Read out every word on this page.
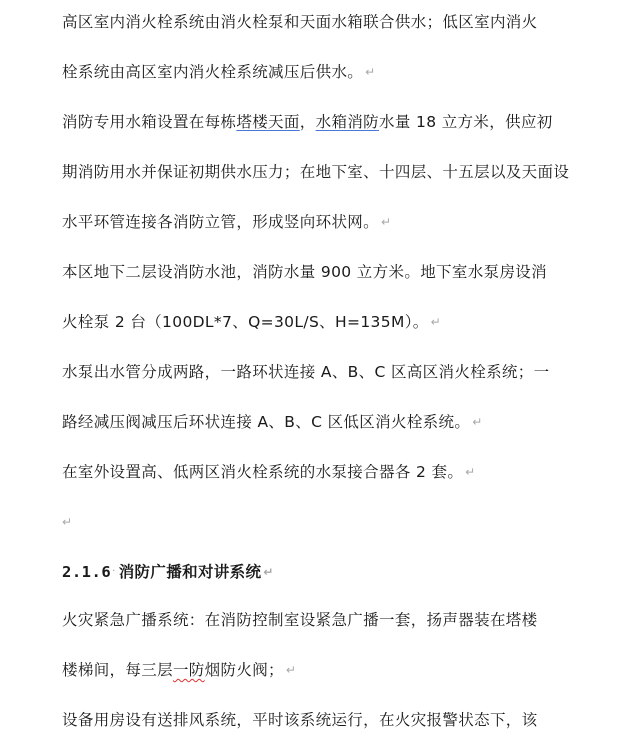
高区室内消火栓系统由消火栓泵和天面水箱联合供水；低区室内消火
栓系统由高区室内消火栓系统减压后供水。 ↵
消防专用水箱设置在每栋塔楼天面，水箱消防水量 18 立方米，供应初
期消防用水并保证初期供水压力；在地下室、十四层、十五层以及天面设
水平环管连接各消防立管，形成竖向环状网。 ↵
本区地下二层设消防水池，消防水量 900 立方米。地下室水泵房设消
火栓泵 2 台（100DL*7、Q=30L/S、H=135M）。 ↵
水泵出水管分成两路，一路环状连接 A、B、C 区高区消火栓系统；一
路经减压阀减压后环状连接 A、B、C 区低区消火栓系统。 ↵
在室外设置高、低两区消火栓系统的水泵接合器各 2 套。 ↵
↵
2.1.6· 消防广播和对讲系统 ↵
火灾紧急广播系统：在消防控制室设紧急广播一套，扬声器装在塔楼
楼梯间，每三层一防烟防火阀； ↵
设备用房设有送排风系统，平时该系统运行，在火灾报警状态下，该
